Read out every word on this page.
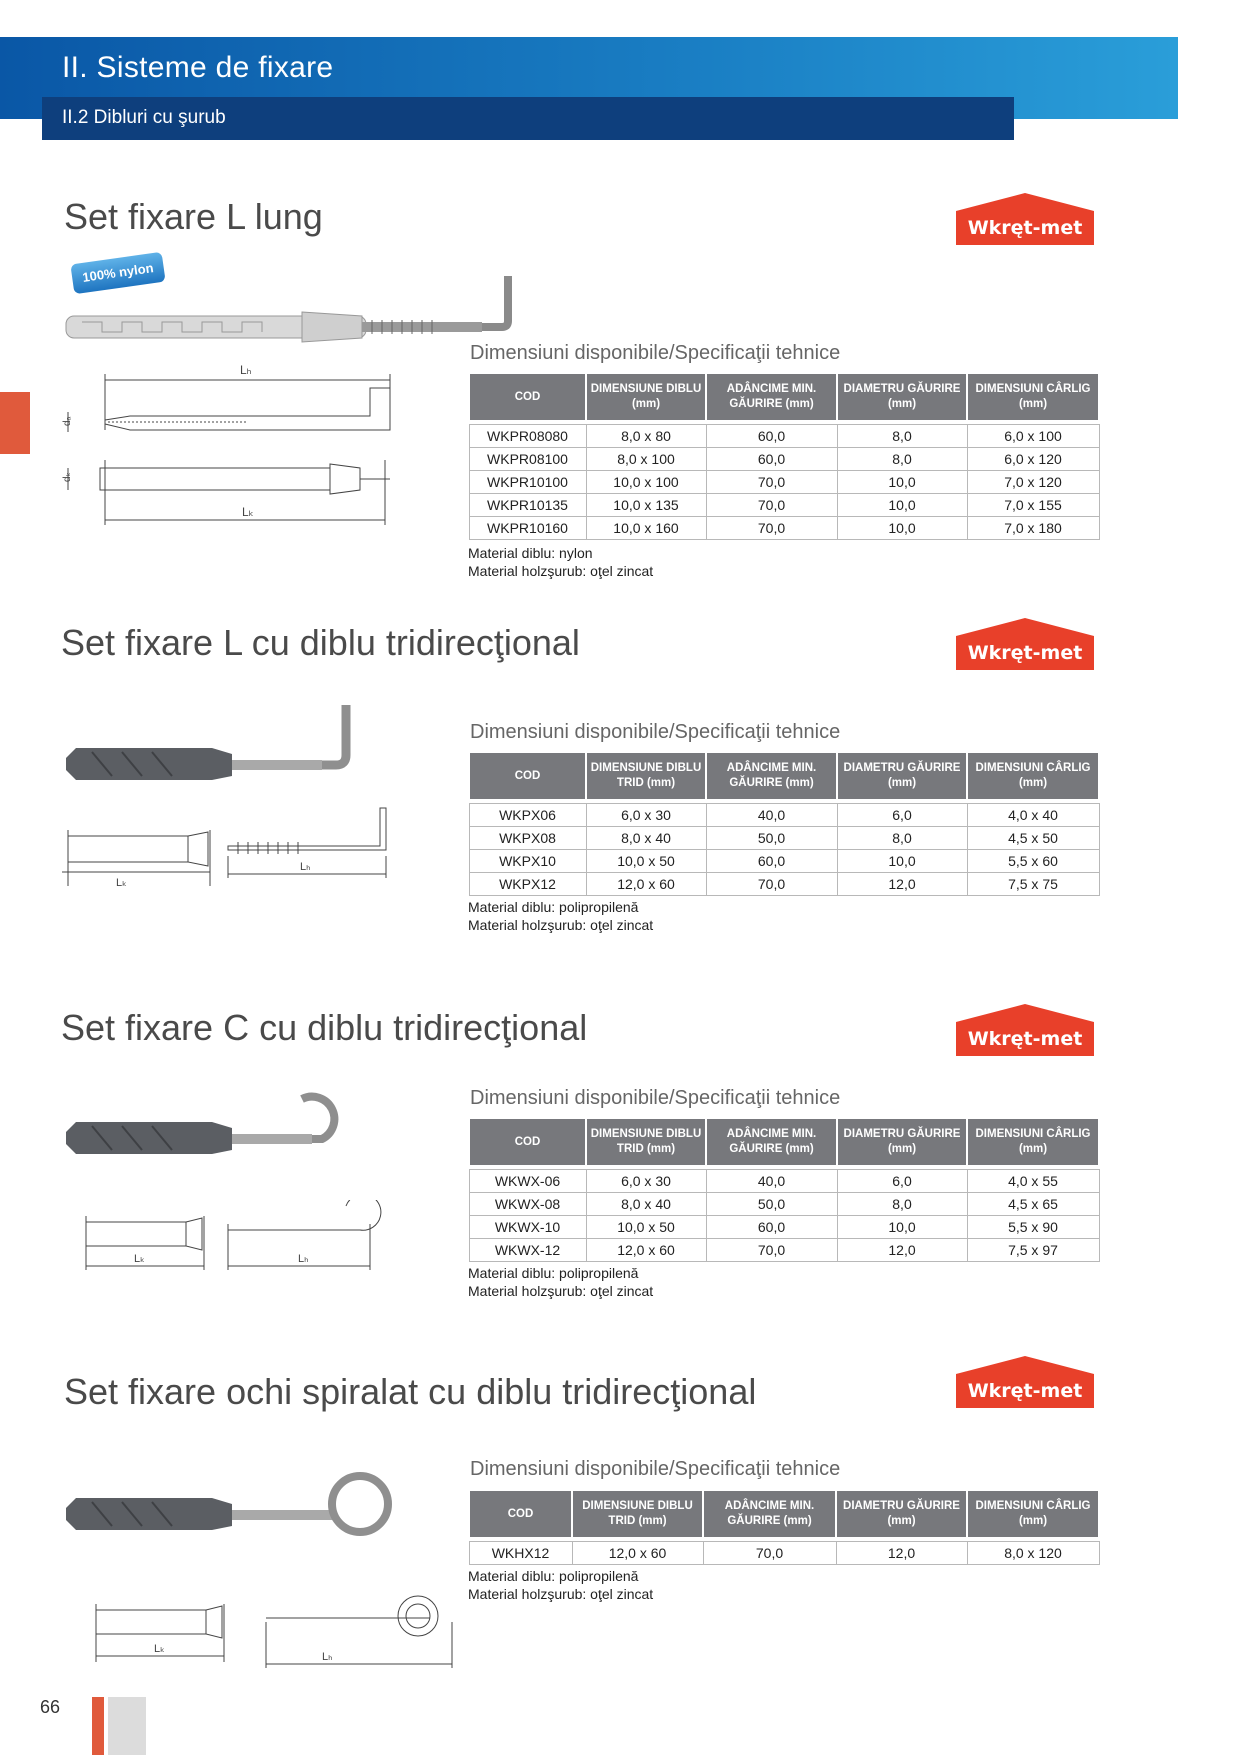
II. Sisteme de fixare
II.2 Dibluri cu şurub
Set fixare L lung	Wkręt-met
100% nylon
Lₕ
Lₖ
dₐ
dₖ
Dimensiuni disponibile/Specificaţii tehnice
COD	DIMENSIUNE DIBLU (mm)	ADÂNCIME MIN. GĂURIRE (mm)	DIAMETRU GĂURIRE (mm)	DIMENSIUNI CÂRLIG (mm)

WKPR08080	8,0 x 80	60,0	8,0	6,0 x 100
WKPR08100	8,0 x 100	60,0	8,0	6,0 x 120
WKPR10100	10,0 x 100	70,0	10,0	7,0 x 120
WKPR10135	10,0 x 135	70,0	10,0	7,0 x 155
WKPR10160	10,0 x 160	70,0	10,0	7,0 x 180
Material diblu: nylon
Material holzşurub: oţel zincat
Set fixare L cu diblu tridirecţional	Wkręt-met
Lₖ
Lₕ
Dimensiuni disponibile/Specificaţii tehnice
COD	DIMENSIUNE DIBLU TRID (mm)	ADÂNCIME MIN. GĂURIRE (mm)	DIAMETRU GĂURIRE (mm)	DIMENSIUNI CÂRLIG (mm)

WKPX06	6,0 x 30	40,0	6,0	4,0 x 40
WKPX08	8,0 x 40	50,0	8,0	4,5 x 50
WKPX10	10,0 x 50	60,0	10,0	5,5 x 60
WKPX12	12,0 x 60	70,0	12,0	7,5 x 75
Material diblu: polipropilenă
Material holzşurub: oţel zincat
Set fixare C cu diblu tridirecţional	Wkręt-met
Lₖ	Lₕ
Dimensiuni disponibile/Specificaţii tehnice
COD	DIMENSIUNE DIBLU TRID (mm)	ADÂNCIME MIN. GĂURIRE (mm)	DIAMETRU GĂURIRE (mm)	DIMENSIUNI CÂRLIG (mm)

WKWX-06	6,0 x 30	40,0	6,0	4,0 x 55
WKWX-08	8,0 x 40	50,0	8,0	4,5 x 65
WKWX-10	10,0 x 50	60,0	10,0	5,5 x 90
WKWX-12	12,0 x 60	70,0	12,0	7,5 x 97
Material diblu: polipropilenă
Material holzşurub: oţel zincat
Set fixare ochi spiralat cu diblu tridirecţional	Wkręt-met
Lₖ
Lₕ
Dimensiuni disponibile/Specificaţii tehnice
COD	DIMENSIUNE DIBLU TRID (mm)	ADÂNCIME MIN. GĂURIRE (mm)	DIAMETRU GĂURIRE (mm)	DIMENSIUNI CÂRLIG (mm)

WKHX12	12,0 x 60	70,0	12,0	8,0 x 120
Material diblu: polipropilenă
Material holzşurub: oţel zincat
66
